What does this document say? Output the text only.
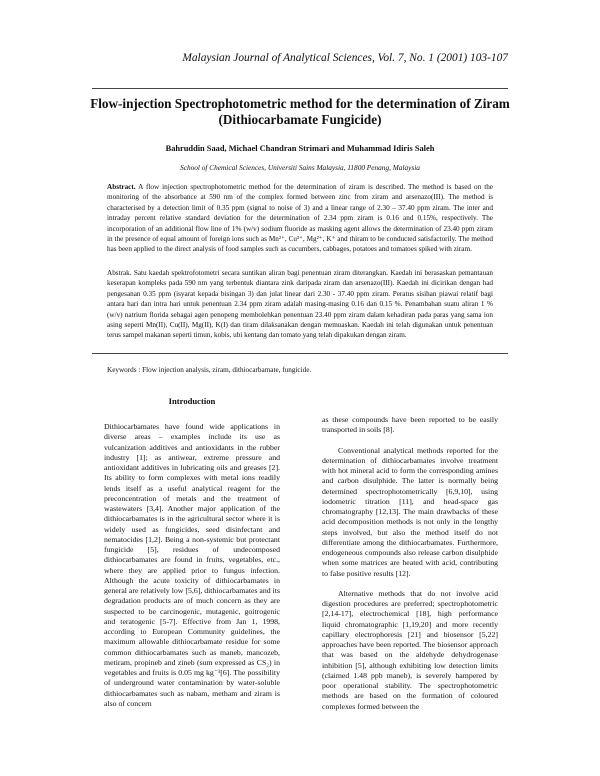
Malaysian Journal of Analytical Sciences, Vol. 7, No. 1 (2001) 103-107
Flow-injection Spectrophotometric method for the determination of Ziram
(Dithiocarbamate Fungicide)
Bahruddin Saad, Michael Chandran Strimari and Muhammad Idiris Saleh
School of Chemical Sciences, Universiti Sains Malaysia, 11800 Penang, Malaysia
Abstract. A flow injection spectrophotometric method for the determination of ziram is described. The method is based on the monitoring of the absorbance at 590 nm of the complex formed between zinc from ziram and arsenazo(III). The method is characterised by a detection limit of 0.35 ppm (signal to noise of 3) and a linear range of 2.30 – 37.40 ppm ziram. The inter and intraday percent relative standard deviation for the determination of 2.34 ppm ziram is 0.16 and 0.15%, respectively. The incorporation of an additional flow line of 1% (w/v) sodium fluoride as masking agent allows the determination of 23.40 ppm ziram in the presence of equal amount of foreign ions such as Mn²⁺, Cu²⁺, Mg²⁺, K⁺ and thiram to be conducted satisfactorily. The method has been applied to the direct analysis of food samples such as cucumbers, cabbages, potatoes and tomatoes spiked with ziram.
Abstrak. Satu kaedah spektrofotometri secara suntikan aliran bagi penentuan ziram diterangkan. Kaedah ini berasaskan pemantauan keserapan kompleks pada 590 nm yang terbentuk diantara zink daripada ziram dan arsenazo(III). Kaedah ini dicirikan dengan had pengesanan 0.35 ppm (isyarat kepada bisingan 3) dan julat linear dari 2.30 - 37.40 ppm ziram. Peratus sisihan piawai relatif bagi antara hari dan intra hari untuk penentuan 2.34 ppm ziram adalah masing-masing 0.16 dan 0.15 %. Penambahan suatu aliran 1 %(w/v) natrium florida sebagai agen penopeng membolehkan penentuan 23.40 ppm ziram dalam kehadiran pada paras yang sama ion asing seperti Mn(II), Cu(II), Mg(II), K(I) dan tiram dilaksanakan dengan memuaskan. Kaedah ini telah digunakan untuk penentuan terus sampel makanan seperti timun, kobis, ubi kentang dan tomato yang telah dipakukan dengan ziram.
Keywords : Flow injection analysis, ziram, dithiocarbamate, fungicide.
Introduction
Dithiocarbamates have found wide applications in diverse areas – examples include its use as vulcanization additives and antioxidants in the rubber industry [1]; as antiwear, extreme pressure and antioxidant additives in lubricating oils and greases [2]. Its ability to form complexes with metal ions readily lends itself as a useful analytical reagent for the preconcentration of metals and the treatment of wastewaters [3,4]. Another major application of the dithiocarbamates is in the agricultural sector where it is widely used as fungicides, seed disinfectant and nematocides [1,2]. Being a non-systemic but protectant fungicide [5], residues of undecomposed dithiocarbamates are found in fruits, vegetables, etc., where they are applied prior to fungus infection. Although the acute toxicity of dithiocarbamates in general are relatively low [5,6], dithiocarbamates and its degradation products are of much concern as they are suspected to be carcinogenic, mutagenic, goitrogenic and teratogenic [5-7]. Effective from Jan 1, 1998, according to European Community guidelines, the maximum allowable dithiocarbamate residue for some common dithiocarbamates such as maneb, mancozeb, metiram, propineb and zineb (sum expressed as CS₂) in vegetables and fruits is 0.05 mg kg⁻¹[6]. The possibility of underground water contamination by water-soluble dithiocarbamates such as nabam, metham and ziram is also of concern
as these compounds have been reported to be easily transported in soils [8].
Conventional analytical methods reported for the determination of dithiocarbamates involve treatment with hot mineral acid to form the corresponding amines and carbon disulphide. The latter is normally being determined spectrophotometrically [6,9,10], using iodometric titration [11], and head-space gas chromatography [12,13]. The main drawbacks of these acid decomposition methods is not only in the lengthy steps involved, but also the method itself do not differentiate among the dithiocarbamates. Furthermore, endogeneous compounds also release carbon disulphide when some matrices are heated with acid, contributing to false positive results [12].
Alternative methods that do not involve acid digestion procedures are preferred; spectrophotometric [2,14-17], electrochemical [18], high performance liquid chromatographic [1,19,20] and more recently capillary electrophoresis [21] and biosensor [5,22] approaches have been reported. The biosensor approach that was based on the aldehyde dehydrogenase inhibition [5], although exhibiting low detection limits (claimed 1.48 ppb maneb), is severely hampered by poor operational stability. The spectrophotometric methods are based on the formation of coloured complexes formed between the
